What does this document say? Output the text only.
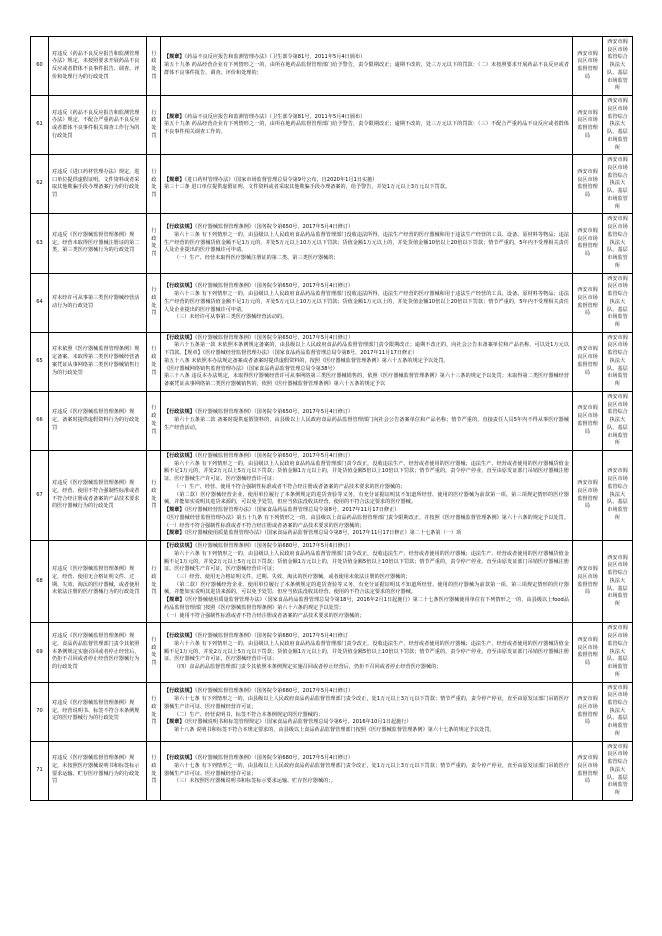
60	对违反《药品不良反应报告和监测管理办法》规定，未按照要求开展药品不良反应或者群体不良事件报告、调查、评价和处理行为的行政处罚	行政处罚	【规章】《药品不良反应报告和监测管理办法》（卫生部令第81号，2011年5月4日颁布）

第五十九条 药品经营企业有下列情形之一的，由所在地药品监督管理部门给予警告，责令限期改正；逾期不改的，处三万元以下的罚款：（二）未按照要求开展药品不良反应或者群体不良事件报告、调查、评价和处理的；	西安市阎良区市场监督管理局	西安市阎良区市场监管综合执法大队、基层市场监管所
61	对违反《药品不良反应报告和监测管理办法》规定，不配合严重药品不良反应或者群体不良事件相关调查工作行为的行政处罚	行政处罚	【规章】《药品不良反应报告和监测管理办法》（卫生部令第81号，2011年5月4日颁布）

第五十九条 药品经营企业有下列情形之一的，由所在地药品监督管理部门给予警告，责令限期改正；逾期不改的，处三万元以下的罚款：（三）不配合严重药品不良反应或者群体不良事件相关调查工作的。	西安市阎良区市场监督管理局	西安市阎良区市场监管综合执法大队、基层市场监管所
62	对违反《进口药材管理办法》规定，进口单位提供虚假证明、文件资料或者采取其他欺骗手段办理备案行为的行政处罚	行政处罚	【规章】《进口药材管理办法》（国家市场监督管理总局令第9号公布，自2020年1月1日实施）

第三十三条 进口单位提供虚假证明、文件资料或者采取其他欺骗手段办理备案的，给予警告，并处1万元以上3万元以下罚款。	西安市阎良区市场监督管理局	西安市阎良区市场监管综合执法大队、基层市场监管所
63	对违反《医疗器械监督管理条例》规定，经营未取得医疗器械注册证的第二类、第三类医疗器械行为的行政处罚	行政处罚	【行政法规】《医疗器械监督管理条例》（国务院令第650号，2017年5月4日修订）

第六十三条 有下列情形之一的，由县级以上人民政府食品药品监督管理部门没收违法所得、违法生产经营的医疗器械和用于违法生产经营的工具、设备、原材料等物品；违法生产经营的医疗器械货值金额不足1万元的，并处5万元以上10万元以下罚款；货值金额1万元以上的，并处货值金额10倍以上20倍以下罚款；情节严重的，5年内不受理相关责任人及企业提出的医疗器械许可申请。

（一）生产、经营未取得医疗器械注册证的第二类、第三类医疗器械的；	西安市阎良区市场监督管理局	西安市阎良区市场监管综合执法大队、基层市场监管所
64	对未经许可从事第三类医疗器械经营活动行为的行政处罚	行政处罚	【行政法规】《医疗器械监督管理条例》（国务院令第650号，2017年5月4日修订）

第六十三条 有下列情形之一的，由县级以上人民政府食品药品监督管理部门没收违法所得、违法生产经营的医疗器械和用于违法生产经营的工具、设备、原材料等物品；违法生产经营的医疗器械货值金额不足1万元的，并处5万元以上10万元以下罚款；货值金额1万元以上的，并处货值金额10倍以上20倍以下罚款；情节严重的，5年内不受理相关责任人及企业提出的医疗器械许可申请。

（三）未经许可从事第三类医疗器械经营活动的。	西安市阎良区市场监督管理局	西安市阎良区市场监管综合执法大队、基层市场监管所
65	对未依照《医疗器械监督管理条例》规定备案、未取得第二类医疗器械经营备案凭证从事网络第二类医疗器械销售行为的行政处罚	行政处罚	【行政法规】《医疗器械监督管理条例》（国务院令第650号，2017年5月4日修订）

第六十五条第一款 未依照本条例规定备案的，由县级以上人民政府食品药品监督管理部门责令限期改正；逾期不改正的，向社会公告未备案单位和产品名称，可以处1万元以下罚款。【规章】《医疗器械经营监督管理办法》（国家食品药品监督管理总局令第8号，2017年11月17日修正）

第五十八条 未依照本办法规定备案或者备案时提供虚假资料的，按照《医疗器械监督管理条例》第六十五条的规定予以处罚。

《医疗器械网络销售监督管理办法》（国家食品药品监督管理总局令第38号）

第三十八条 违反本办法规定，未取得医疗器械经营许可从事网络第三类医疗器械销售的，依照《医疗器械监督管理条例》第六十三条的规定予以处罚；未取得第二类医疗器械经营备案凭证从事网络第二类医疗器械销售的，依照《医疗器械监督管理条例》第六十五条的规定予以	西安市阎良区市场监督管理局	西安市阎良区市场监管综合执法大队、基层市场监管所
66	对违反《医疗器械监督管理条例》规定，备案时提供虚假资料行为的行政处罚	行政处罚	【行政法规】《医疗器械监督管理条例》（国务院令第650号，2017年5月4日修订）

第六十五条第二款 备案时提供虚假资料的，由县级以上人民政府食品药品监督管理部门向社会公告备案单位和产品名称；情节严重的，直接责任人员5年内不得从事医疗器械生产经营活动。	西安市阎良区市场监督管理局	西安市阎良区市场监管综合执法大队、基层市场监管所
67	对违反《医疗器械监督管理条例》规定，经营、使用不符合强制性标准或者不符合经注册或者备案的产品技术要求的医疗器械行为的行政处罚	
行政处罚

【行政法规】《医疗器械监督管理条例》（国务院令第650号，2017年5月4日修订）

第六十六条 有下列情形之一的，由县级以上人民政府食品药品监督管理部门责令改正，没收违法生产、经营或者使用的医疗器械；违法生产、经营或者使用的医疗器械货值金额不足1万元的，并处2万元以上5万元以下罚款；货值金额1万元以上的，并处货值金额5倍以上10倍以下罚款；情节严重的，责令停产停业，直至由原发证部门吊销医疗器械注册证、医疗器械生产许可证、医疗器械经营许可证：

（一）生产、经营、使用不符合强制性标准或者不符合经注册或者备案的产品技术要求的医疗器械的；

（第二款）医疗器械经营企业、使用单位履行了本条例规定的进货查验等义务，有充分证据证明其不知道所经营、使用的医疗器械为前款第一项、第三项规定情形的医疗器械，并能如实说明其进货来源的，可以免予处罚，但应当依法没收其经营、使用的不符合法定要求的医疗器械。

【规章】《医疗器械经营监督管理办法》（国家食品药品监督管理总局令第8号，2017年11月17日修正）

《医疗器械经营监督管理办法》第五十九条 有下列情形之一的，由县级以上食品药品监督管理部门责令限期改正，并按照《医疗器械监督管理条例》第六十六条的规定予以处罚。（一）经营不符合强制性标准或者不符合经注册或者备案的产品技术要求的医疗器械的；

【规章】《医疗器械使用质量监督管理办法》（国家食品药品监督管理总局令第8号，2017年11月17日修正）第二十七条第（一）项

	西安市阎良区市场监督管理局	西安市阎良区市场监管综合执法大队、基层市场监管所
68	对违反《医疗器械监督管理条例》规定，经营、使用无合格证明文件、过期、失效、淘汰的医疗器械，或者使用未依法注册的医疗器械行为的行政处罚	
行政处罚

【行政法规】《医疗器械监督管理条例》（国务院令第680号，2017年5月6日修订）

第六十六条 有下列情形之一的，由县级以上人民政府食品药品监督管理部门责令改正，没收违法生产、经营或者使用的医疗器械；违法生产、经营或者使用的医疗器械货值金额不足1万元的，并处2万元以上5万元以下罚款；货值金额1万元以上的，并处货值金额5倍以上10倍以下罚款；情节严重的，责令停产停业，直至由原发证部门吊销医疗器械注册证、医疗器械生产许可证、医疗器械经营许可证；

（三）经营、使用无合格证明文件、过期、失效、淘汰的医疗器械，或者使用未依法注册的医疗器械的；

（第二款）医疗器械经营企业、使用单位履行了本条例规定的进货查验等义务，有充分证据证明其不知道所经营、使用的医疗器械为前款第一项、第三项规定情形的医疗器械，并能如实说明其进货来源的，可以免予处罚，但应当依法没收其经营、使用的不符合法定要求的医疗器械。

【规章】《医疗器械使用质量监督管理办法》（国家食品药品监督管理总局令第18号，2016年2月1日起施行）第二十七条医疗器械使用单位有下列情形之一的，由县级以上food品药品监督管理部门按照《医疗器械监督管理条例》第六十六条的规定予以处罚；

（一）使用不符合强制性标准或者不符合经注册或者备案的产品技术要求的医疗器械的；

	西安市阎良区市场监督管理局	西安市阎良区市场监管综合执法大队、基层市场监管所
69	对违反《医疗器械监督管理条例》规定，食品药品监督管理部门责令其依照本条例规定实施召回或者停止经营后，仍拒不召回或者停止经营医疗器械行为的行政处罚	行政处罚	【行政法规】《医疗器械监督管理条例》（国务院令第680号，2017年5月4日修订

第六十六条 有下列情形之一的，由县级以上人民政府食品药品监督管理部门责令改正，没收违法生产、经营或者使用的医疗器械；违法生产、经营或者使用的医疗器械货值金额不足1万元的，并处2万元以上5万元以下罚款；货值金额1万元以上的，并处货值金额5倍以上10倍以下罚款；情节严重的，责令停产停业，直至由原发证部门吊销医疗器械注册证、医疗器械生产许可证、医疗器械经营许可证；

（四）食品药品监督管理部门责令其依照本条例规定实施召回或者停止经营后，仍拒不召回或者停止经营医疗器械的；	西安市阎良区市场监督管理局	西安市阎良区市场监管综合执法大队、基层市场监管所
70	对违反《医疗器械监督管理条例》规定，经营说明书、标签不符合本条例规定的医疗器械行为的行政处罚	行政处罚	【行政法规】《医疗器械监督管理条例》（国务院令第680号，2017年5月4日修订）

第六十七条 有下列情形之一的，由县级以上人民政府食品药品监督管理部门责令改正，处1万元以上3万元以下罚款；情节严重的，责令停产停业，直至由原发证部门吊销医疗器械生产许可证、医疗器械经营许可证；

（二）生产、经营说明书、标签不符合本条例规定的医疗器械的；

【规章】《医疗器械说明书和标签管理规定》（国家食品药品监督管理总局令第6号，2016年10月1日起施行）

第十八条 说明书和标签不符合本规定要求的，由县级以上食品药品监督管理部门按照《医疗器械监督管理条例》第六十七条的规定予以处罚。	西安市阎良区市场监督管理局	西安市阎良区市场监管综合执法大队、基层市场监管所
71	对违反《医疗器械监督管理条例》规定，未按照医疗器械说明书和标签标示要求运输、贮存医疗器械行为的行政处罚	行政处罚	【行政法规】《医疗器械监督管理条例》（国务院令第680号，2017年5月4日修订）

第六十七条 有下列情形之一的，由县级以上人民政府食品药品监督管理部门责令改正，处1万元以上3万元以下罚款；情节严重的，责令停产停业，直至由原发证部门吊销医疗器械生产许可证、医疗器械经营许可证；

（三）未按照医疗器械说明书和标签标示要求运输、贮存医疗器械的；。	西安市阎良区市场监督管理局	西安市阎良区市场监管综合执法大队、基层市场监管所
